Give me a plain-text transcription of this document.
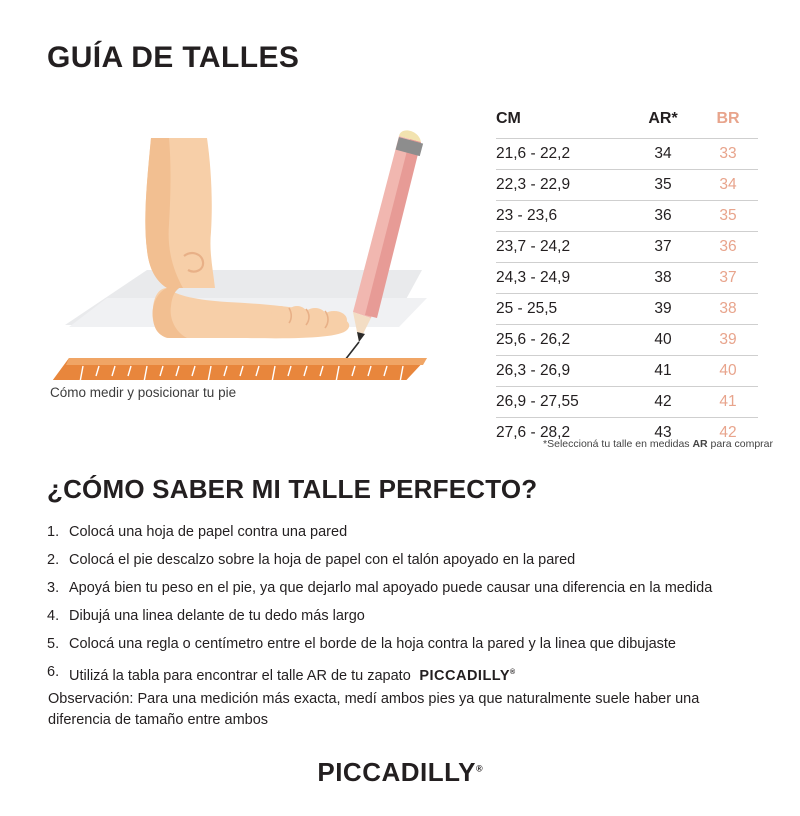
GUÍA DE TALLES
Cómo medir y posicionar tu pie
CM	AR*	BR
21,6 - 22,2	34	33
22,3 - 22,9	35	34
23 - 23,6	36	35
23,7 - 24,2	37	36
24,3 - 24,9	38	37
25 - 25,5	39	38
25,6 - 26,2	40	39
26,3 - 26,9	41	40
26,9 - 27,55	42	41
27,6 - 28,2	43	42
*Seleccioná tu talle en medidas AR para comprar
¿CÓMO SABER MI TALLE PERFECTO?
1. Colocá una hoja de papel contra una pared
2. Colocá el pie descalzo sobre la hoja de papel con el talón apoyado en la pared
3. Apoyá bien tu peso en el pie, ya que dejarlo mal apoyado puede causar una diferencia en la medida
4. Dibujá una linea delante de tu dedo más largo
5. Colocá una regla o centímetro entre el borde de la hoja contra la pared y la linea que dibujaste
6. Utilizá la tabla para encontrar el talle AR de tu zapato PICCADILLY®
Observación: Para una medición más exacta, medí ambos pies ya que naturalmente suele haber una diferencia de tamaño entre ambos
PICCADILLY®
